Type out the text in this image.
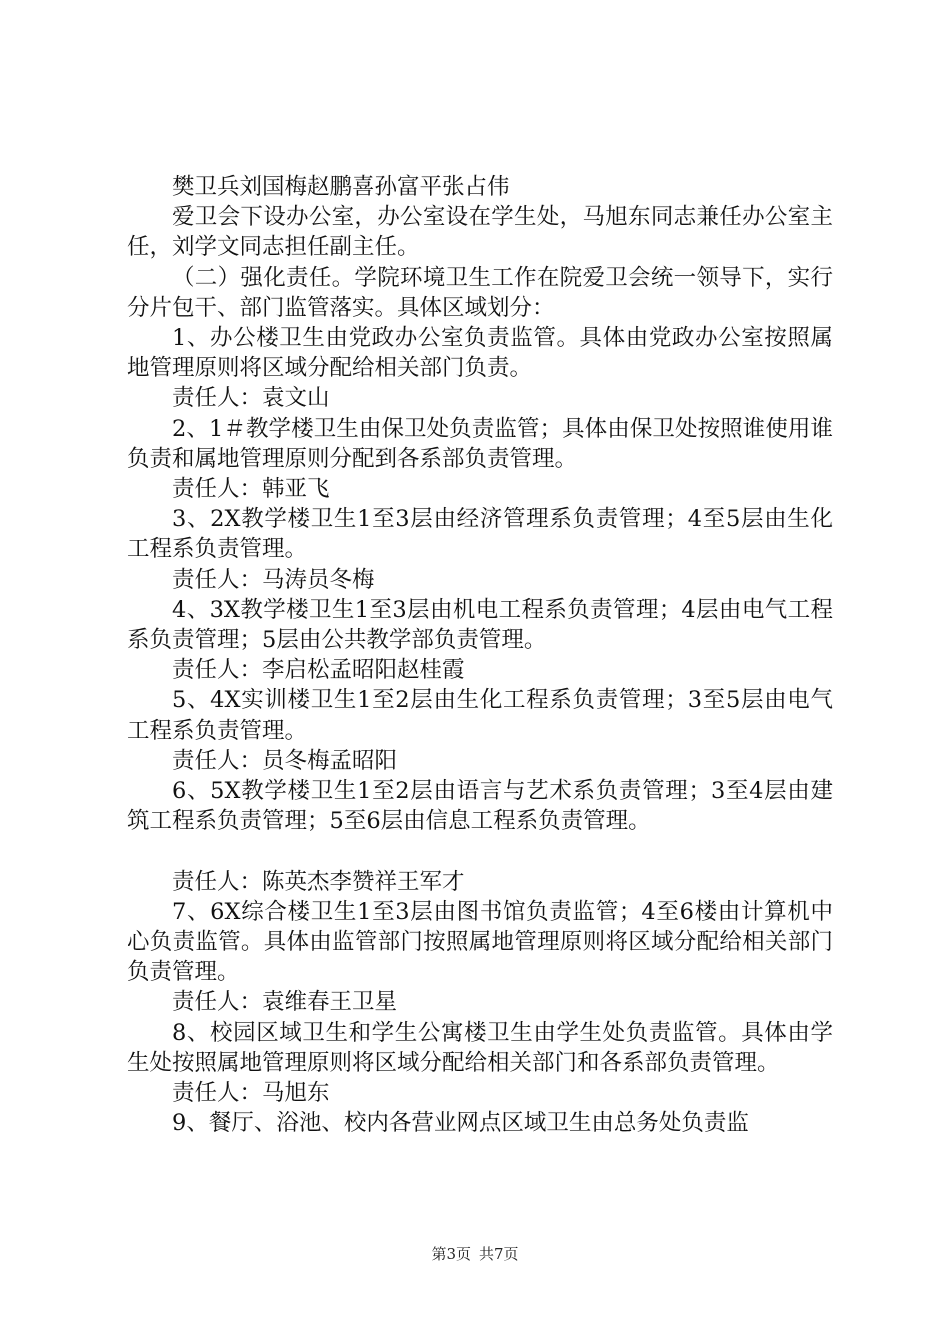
樊卫兵刘国梅赵鹏喜孙富平张占伟

爱卫会下设办公室，办公室设在学生处，马旭东同志兼任办公室主任，刘学文同志担任副主任。

（二）强化责任。学院环境卫生工作在院爱卫会统一领导下，实行分片包干、部门监管落实。具体区域划分：

1、办公楼卫生由党政办公室负责监管。具体由党政办公室按照属地管理原则将区域分配给相关部门负责。

责任人：袁文山

2、1＃教学楼卫生由保卫处负责监管；具体由保卫处按照谁使用谁负责和属地管理原则分配到各系部负责管理。

责任人：韩亚飞

3、2X教学楼卫生1至3层由经济管理系负责管理；4至5层由生化工程系负责管理。

责任人：马涛员冬梅

4、3X教学楼卫生1至3层由机电工程系负责管理；4层由电气工程系负责管理；5层由公共教学部负责管理。

责任人：李启松孟昭阳赵桂霞

5、4X实训楼卫生1至2层由生化工程系负责管理；3至5层由电气工程系负责管理。

责任人：员冬梅孟昭阳

6、5X教学楼卫生1至2层由语言与艺术系负责管理；3至4层由建筑工程系负责管理；5至6层由信息工程系负责管理。

责任人：陈英杰李赞祥王军才

7、6X综合楼卫生1至3层由图书馆负责监管；4至6楼由计算机中心负责监管。具体由监管部门按照属地管理原则将区域分配给相关部门负责管理。

责任人：袁维春王卫星

8、校园区域卫生和学生公寓楼卫生由学生处负责监管。具体由学生处按照属地管理原则将区域分配给相关部门和各系部负责管理。

责任人：马旭东

9、餐厅、浴池、校内各营业网点区域卫生由总务处负责监

第3页 共7页
